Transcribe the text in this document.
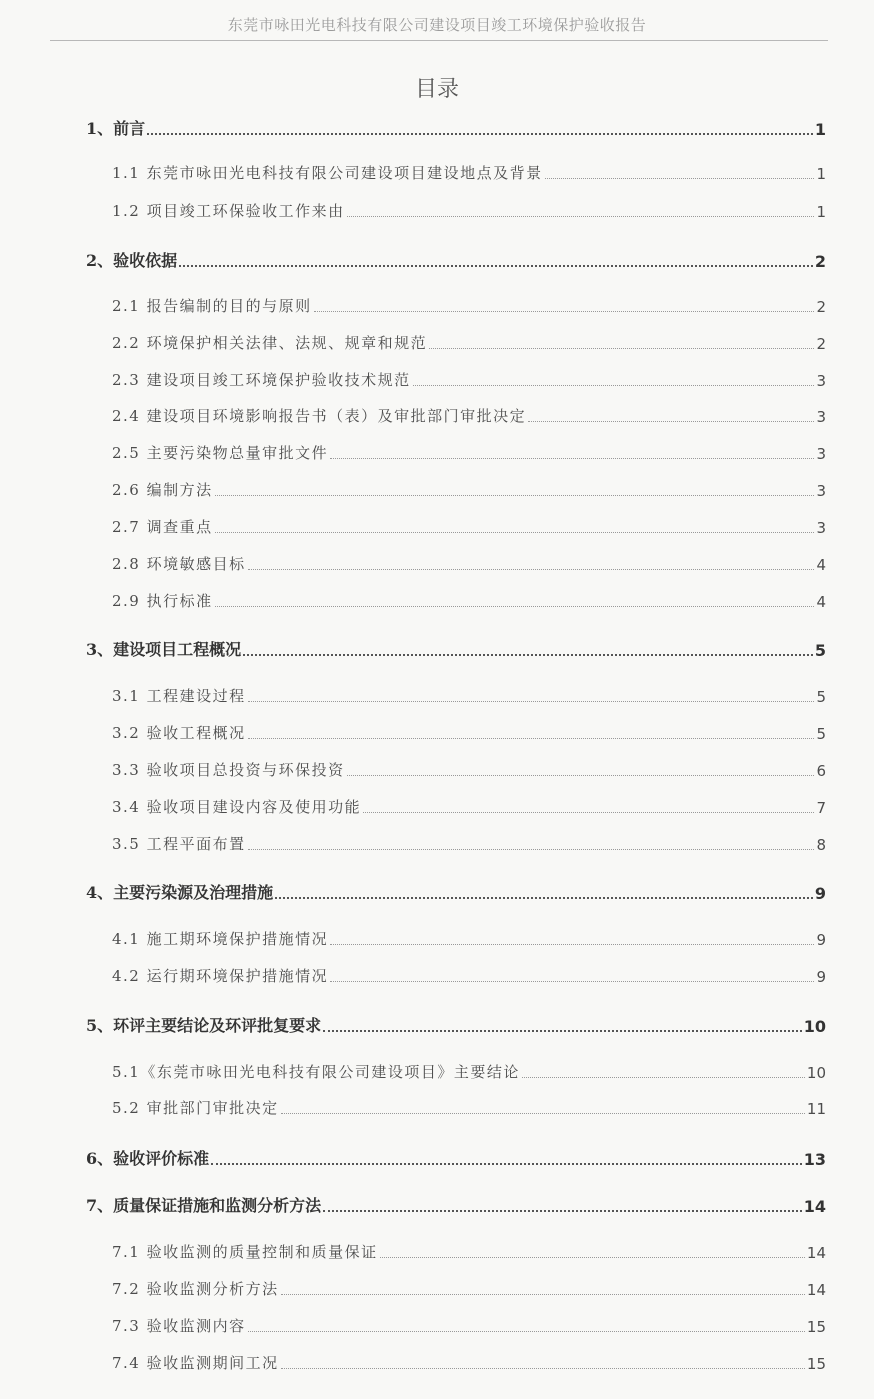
东莞市咏田光电科技有限公司建设项目竣工环境保护验收报告
目录
1、前言	1
1.1 东莞市咏田光电科技有限公司建设项目建设地点及背景	1
1.2 项目竣工环保验收工作来由	1
2、验收依据	2
2.1 报告编制的目的与原则	2
2.2 环境保护相关法律、法规、规章和规范	2
2.3 建设项目竣工环境保护验收技术规范	3
2.4 建设项目环境影响报告书（表）及审批部门审批决定	3
2.5 主要污染物总量审批文件	3
2.6 编制方法	3
2.7 调查重点	3
2.8 环境敏感目标	4
2.9 执行标准	4
3、建设项目工程概况	5
3.1 工程建设过程	5
3.2 验收工程概况	5
3.3 验收项目总投资与环保投资	6
3.4 验收项目建设内容及使用功能	7
3.5 工程平面布置	8
4、主要污染源及治理措施	9
4.1 施工期环境保护措施情况	9
4.2 运行期环境保护措施情况	9
5、环评主要结论及环评批复要求	10
5.1《东莞市咏田光电科技有限公司建设项目》主要结论	10
5.2 审批部门审批决定	11
6、验收评价标准	13
7、质量保证措施和监测分析方法	14
7.1 验收监测的质量控制和质量保证	14
7.2 验收监测分析方法	14
7.3 验收监测内容	15
7.4 验收监测期间工况	15
